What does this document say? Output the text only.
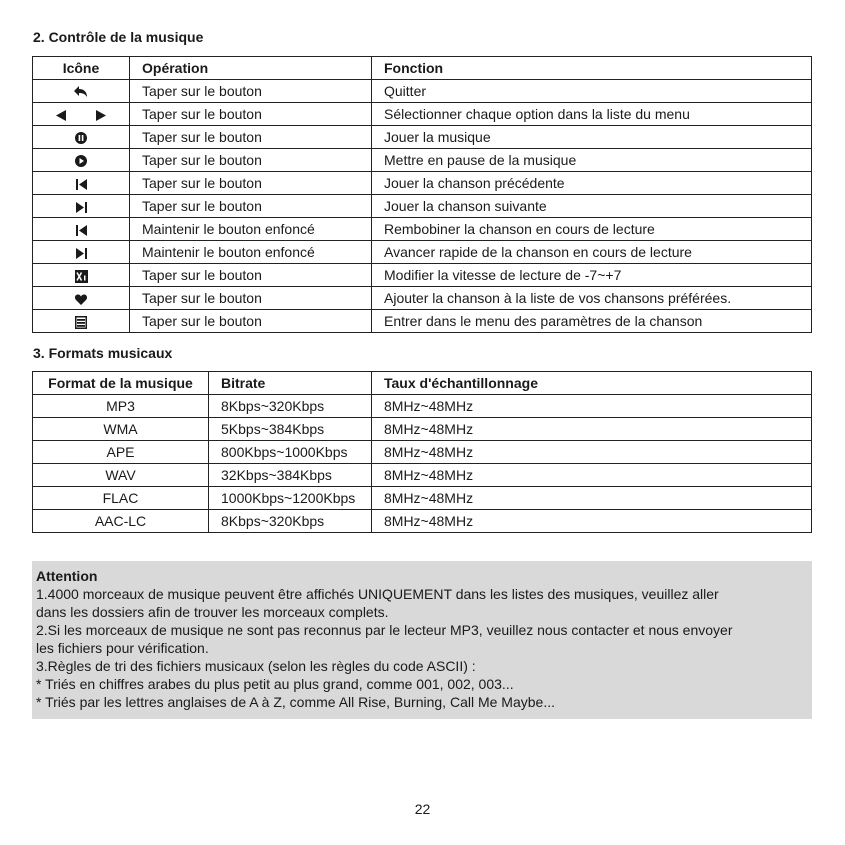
2. Contrôle de la musique
Icône	Opération	Fonction

	Taper sur le bouton	Quitter

	Taper sur le bouton	Sélectionner chaque option dans la liste du menu

	Taper sur le bouton	Jouer la musique

	Taper sur le bouton	Mettre en pause de la musique

	Taper sur le bouton	Jouer la chanson précédente

	Taper sur le bouton	Jouer la chanson suivante

	Maintenir le bouton enfoncé	Rembobiner la chanson en cours de lecture

	Maintenir le bouton enfoncé	Avancer rapide de la chanson en cours de lecture

	Taper sur le bouton	Modifier la vitesse de lecture de -7~+7

	Taper sur le bouton	Ajouter la chanson à la liste de vos chansons préférées.

	Taper sur le bouton	Entrer dans le menu des paramètres de la chanson
3. Formats musicaux
Format de la musique	Bitrate	Taux d'échantillonnage
MP3	8Kbps~320Kbps	8MHz~48MHz
WMA	5Kbps~384Kbps	8MHz~48MHz
APE	800Kbps~1000Kbps	8MHz~48MHz
WAV	32Kbps~384Kbps	8MHz~48MHz
FLAC	1000Kbps~1200Kbps	8MHz~48MHz
AAC-LC	8Kbps~320Kbps	8MHz~48MHz
Attention

1.4000 morceaux de musique peuvent être affichés UNIQUEMENT dans les listes des musiques, veuillez aller

dans les dossiers afin de trouver les morceaux complets.

2.Si les morceaux de musique ne sont pas reconnus par le lecteur MP3, veuillez nous contacter et nous envoyer

les fichiers pour vérification.

3.Règles de tri des fichiers musicaux (selon les règles du code ASCII) :

* Triés en chiffres arabes du plus petit au plus grand, comme 001, 002, 003...

* Triés par les lettres anglaises de A à Z, comme All Rise, Burning, Call Me Maybe...

22
